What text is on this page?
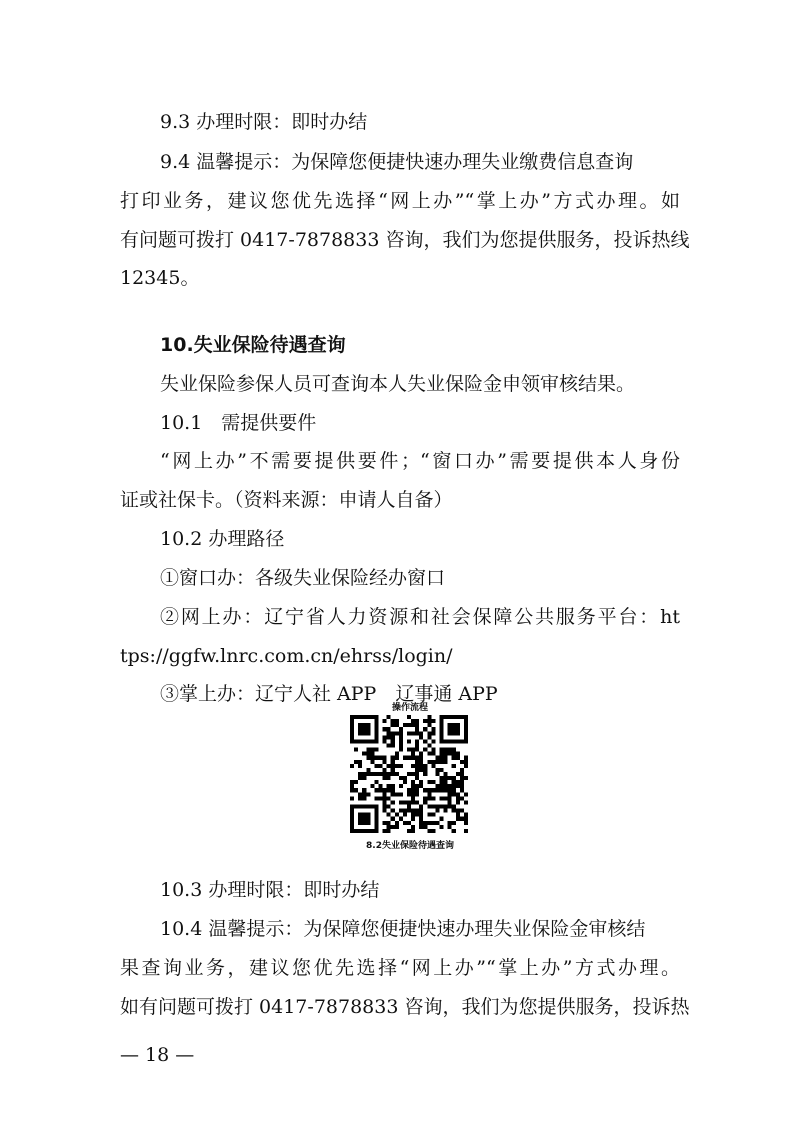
9.3 办理时限：即时办结
9.4 温馨提示：为保障您便捷快速办理失业缴费信息查询
打印业务，建议您优先选择“网上办”“掌上办”方式办理。如
有问题可拨打 0417-7878833 咨询，我们为您提供服务，投诉热线
12345。
10.失业保险待遇查询
失业保险参保人员可查询本人失业保险金申领审核结果。
10.1　需提供要件
“网上办”不需要提供要件；“窗口办”需要提供本人身份
证或社保卡。（资料来源：申请人自备）
10.2 办理路径
①窗口办：各级失业保险经办窗口
②网上办：辽宁省人力资源和社会保障公共服务平台：ht
tps://ggfw.lnrc.com.cn/ehrss/login/
③掌上办：辽宁人社 APP　辽事通 APP
操作流程
8.2失业保险待遇查询
10.3 办理时限：即时办结
10.4 温馨提示：为保障您便捷快速办理失业保险金审核结
果查询业务，建议您优先选择“网上办”“掌上办”方式办理。
如有问题可拨打 0417-7878833 咨询，我们为您提供服务，投诉热
— 18 —
